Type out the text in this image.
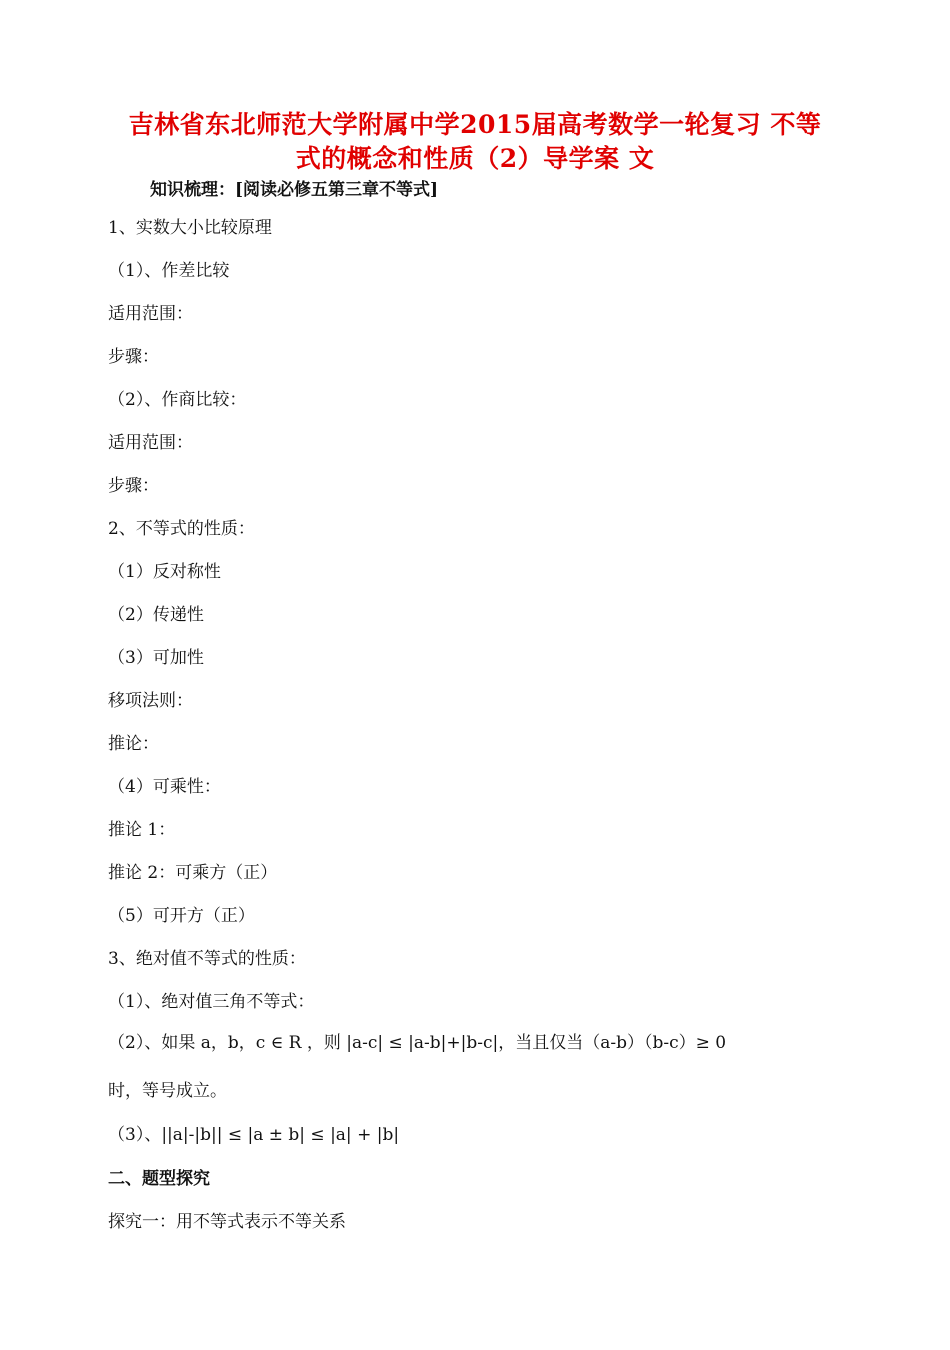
吉林省东北师范大学附属中学2015届高考数学一轮复习 不等
式的概念和性质（2）导学案 文
知识梳理：[阅读必修五第三章不等式]
1、实数大小比较原理
（1）、作差比较
适用范围：
步骤：
（2）、作商比较：
适用范围：
步骤：
2、不等式的性质：
（1）反对称性
（2）传递性
（3）可加性
移项法则：
推论：
（4）可乘性：
推论 1：
推论 2：可乘方（正）
（5）可开方（正）
3、绝对值不等式的性质：
（1）、绝对值三角不等式：
（2）、如果 a，b，c ∈ R ，则 |a-c| ≤ |a-b|+|b-c|，当且仅当（a-b）（b-c）≥ 0
时，等号成立。
（3）、||a|-|b|| ≤ |a ± b| ≤ |a| + |b|
二、题型探究
探究一：用不等式表示不等关系
